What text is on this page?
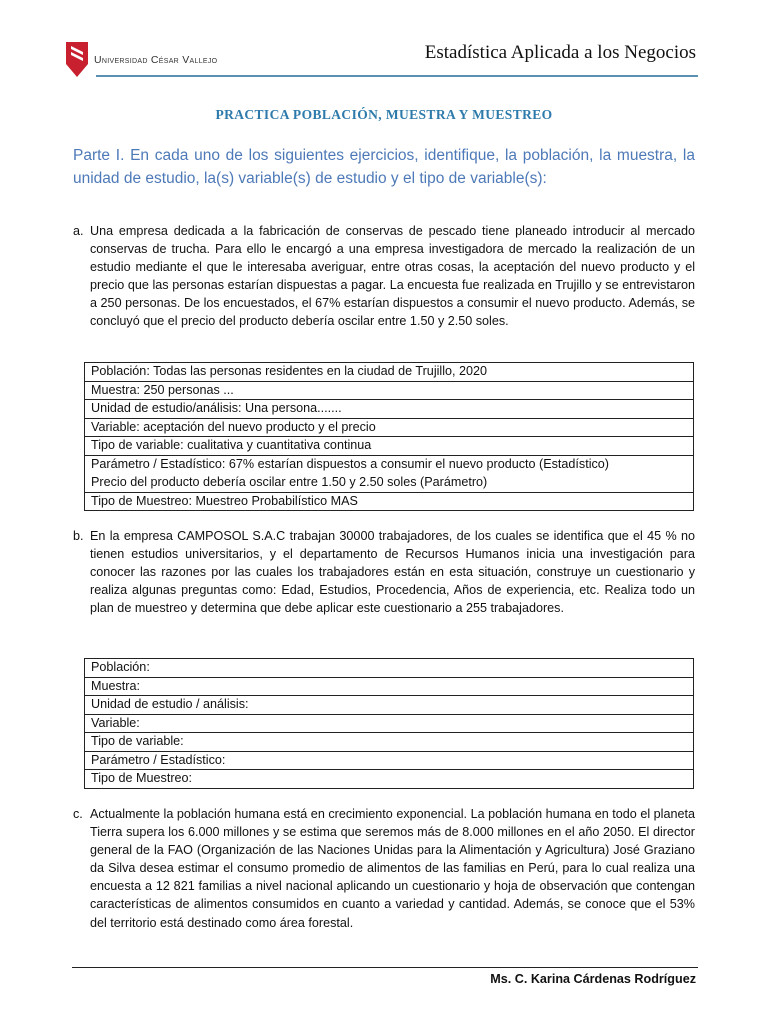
Universidad César Vallejo	Estadística Aplicada a los Negocios
PRACTICA POBLACIÓN, MUESTRA Y MUESTREO
Parte I. En cada uno de los siguientes ejercicios, identifique, la población, la muestra, la unidad de estudio, la(s) variable(s) de estudio y el tipo de variable(s):
a. Una empresa dedicada a la fabricación de conservas de pescado tiene planeado introducir al mercado conservas de trucha. Para ello le encargó a una empresa investigadora de mercado la realización de un estudio mediante el que le interesaba averiguar, entre otras cosas, la aceptación del nuevo producto y el precio que las personas estarían dispuestas a pagar. La encuesta fue realizada en Trujillo y se entrevistaron a 250 personas. De los encuestados, el 67% estarían dispuestos a consumir el nuevo producto. Además, se concluyó que el precio del producto debería oscilar entre 1.50 y 2.50 soles.
Población: Todas las personas residentes en la ciudad de Trujillo, 2020
Muestra: 250 personas ...
Unidad de estudio/análisis: Una persona.......
Variable: aceptación del nuevo producto y el precio
Tipo de variable: cualitativa y cuantitativa continua

Parámetro / Estadístico: 67% estarían dispuestos a consumir el nuevo producto (Estadístico)
Precio del producto debería oscilar entre 1.50 y 2.50 soles (Parámetro)

Tipo de Muestreo: Muestreo Probabilístico MAS
b. En la empresa CAMPOSOL S.A.C trabajan 30000 trabajadores, de los cuales se identifica que el 45 % no tienen estudios universitarios, y el departamento de Recursos Humanos inicia una investigación para conocer las razones por las cuales los trabajadores están en esta situación, construye un cuestionario y realiza algunas preguntas como: Edad, Estudios, Procedencia, Años de experiencia, etc. Realiza todo un plan de muestreo y determina que debe aplicar este cuestionario a 255 trabajadores.
Población:
Muestra:
Unidad de estudio / análisis:
Variable:
Tipo de variable:
Parámetro / Estadístico:
Tipo de Muestreo:
c. Actualmente la población humana está en crecimiento exponencial. La población humana en todo el planeta Tierra supera los 6.000 millones y se estima que seremos más de 8.000 millones en el año 2050. El director general de la FAO (Organización de las Naciones Unidas para la Alimentación y Agricultura) José Graziano da Silva desea estimar el consumo promedio de alimentos de las familias en Perú, para lo cual realiza una encuesta a 12 821 familias a nivel nacional aplicando un cuestionario y hoja de observación que contengan características de alimentos consumidos en cuanto a variedad y cantidad. Además, se conoce que el 53% del territorio está destinado como área forestal.
Ms. C. Karina Cárdenas Rodríguez
